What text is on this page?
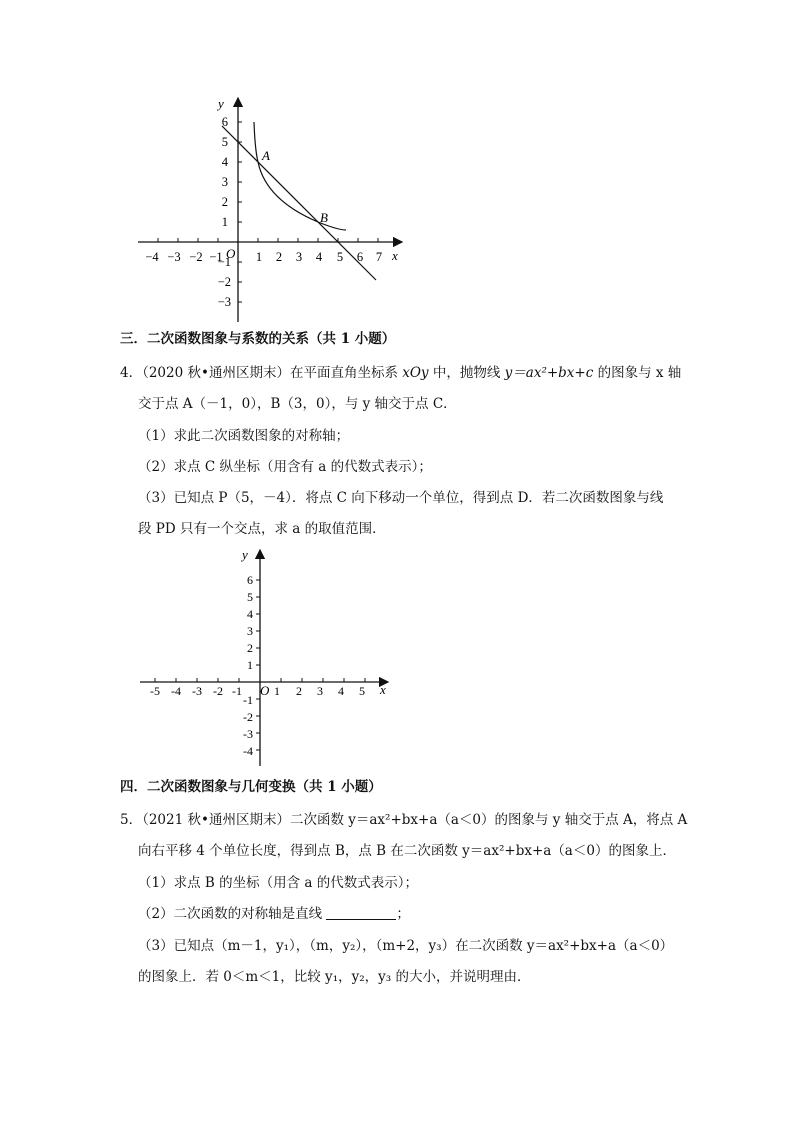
y
x
O
A
B
−4 −3 −2 −1	1 2 3 4 5 6 7
6
5
4
3
2
1
−1
−2
−3
三．二次函数图象与系数的关系（共 1 小题）
4．（2020 秋•通州区期末）在平面直角坐标系 xOy 中，抛物线 y＝ax²+bx+c 的图象与 x 轴
交于点 A（－1，0），B（3，0），与 y 轴交于点 C．
（1）求此二次函数图象的对称轴；
（2）求点 C 纵坐标（用含有 a 的代数式表示）；
（3）已知点 P（5，－4）．将点 C 向下移动一个单位，得到点 D．若二次函数图象与线
段 PD 只有一个交点，求 a 的取值范围．
y
x
O
-5 -4 -3 -2 -1	1 2 3 4 5
6
5
4
3
2
1
-1
-2
-3
-4
四．二次函数图象与几何变换（共 1 小题）
5．（2021 秋•通州区期末）二次函数 y＝ax²+bx+a（a＜0）的图象与 y 轴交于点 A，将点 A
向右平移 4 个单位长度，得到点 B，点 B 在二次函数 y＝ax²+bx+a（a＜0）的图象上．
（1）求点 B 的坐标（用含 a 的代数式表示）；
（2）二次函数的对称轴是直线	；
（3）已知点（m－1，y₁），（m，y₂），（m+2，y₃）在二次函数 y＝ax²+bx+a（a＜0）
的图象上．若 0＜m＜1，比较 y₁，y₂，y₃ 的大小，并说明理由．
